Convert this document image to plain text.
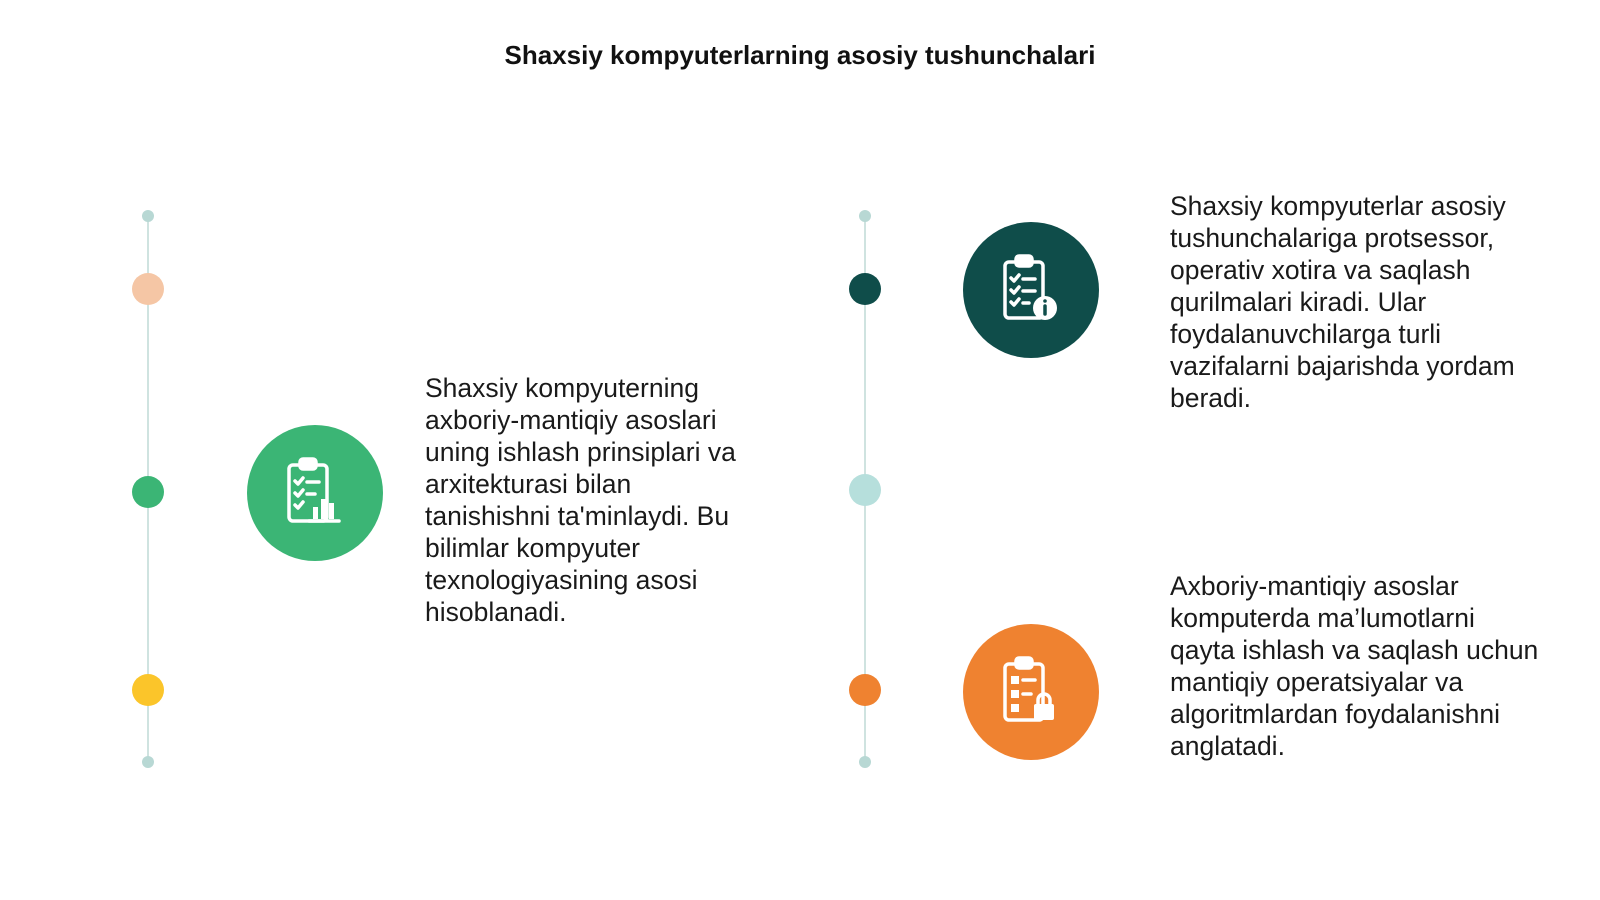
Shaxsiy kompyuterlarning asosiy tushunchalari
Shaxsiy kompyuterning axboriy-mantiqiy asoslari uning ishlash prinsiplari va arxitekturasi bilan tanishishni ta'minlaydi. Bu bilimlar kompyuter texnologiyasining asosi hisoblanadi.
Shaxsiy kompyuterlar asosiy tushunchalariga protsessor, operativ xotira va saqlash qurilmalari kiradi. Ular foydalanuvchilarga turli vazifalarni bajarishda yordam beradi.
Axboriy-mantiqiy asoslar komputerda ma’lumotlarni qayta ishlash va saqlash uchun mantiqiy operatsiyalar va algoritmlardan foydalanishni anglatadi.
